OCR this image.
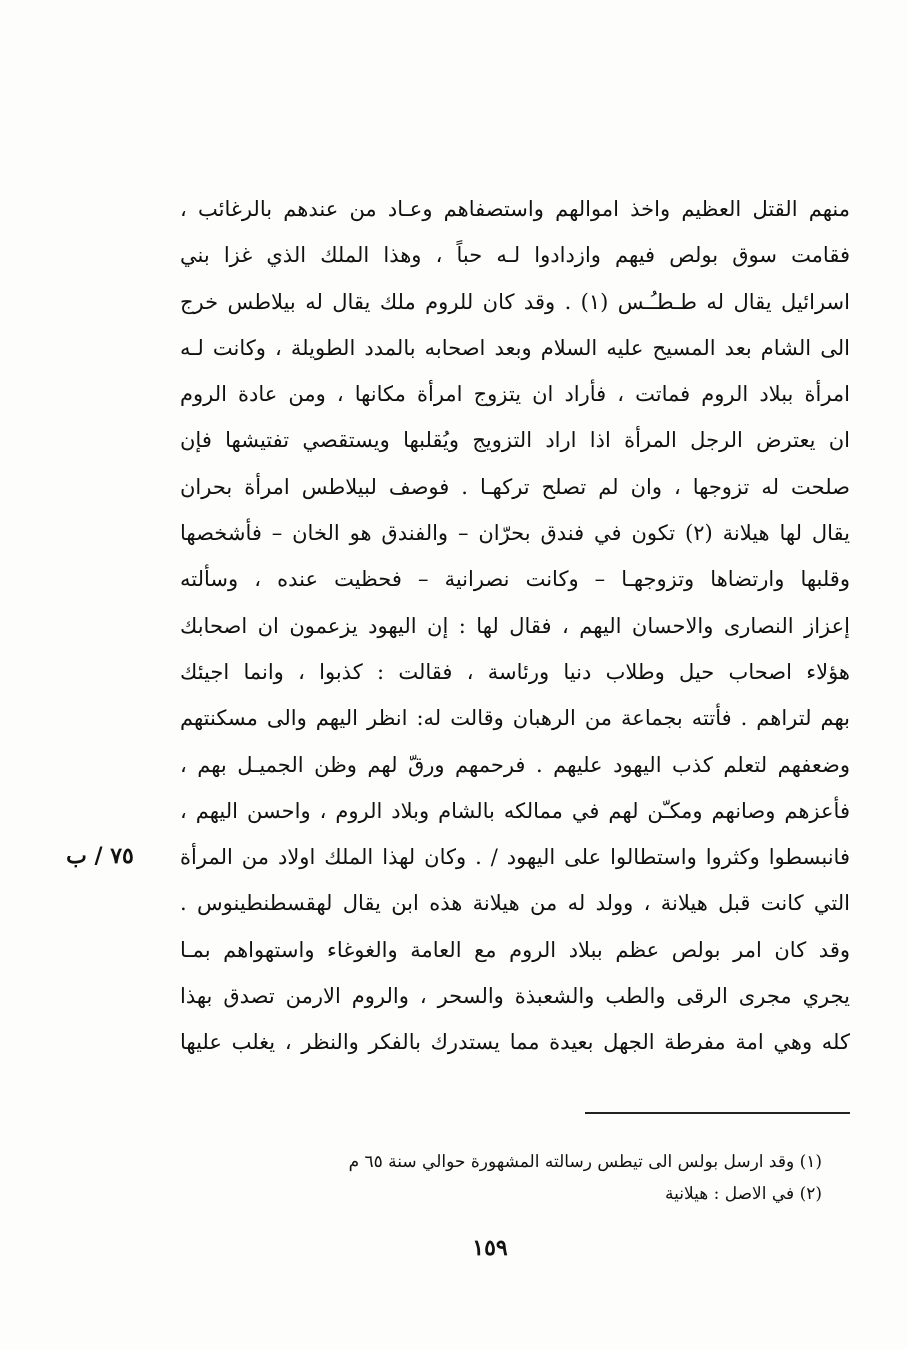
منهم القتل العظيم واخذ اموالهم واستصفاهم وعـاد من عندهم بالرغائب ،
فقامت سوق بولص فيهم وازدادوا لـه حباً ، وهذا الملك الذي غزا بني
اسرائيل يقال له طـطـُـس (١) . وقد كان للروم ملك يقال له بيلاطس خرج
الى الشام بعد المسيح عليه السلام وبعد اصحابه بالمدد الطويلة ، وكانت لـه
امرأة ببلاد الروم فماتت ، فأراد ان يتزوج امرأة مكانها ، ومن عادة الروم
ان يعترض الرجل المرأة اذا اراد التزويج ويُقلبها ويستقصي تفتيشها فإن
صلحت له تزوجها ، وان لم تصلح تركهـا . فوصف لبيلاطس امرأة بحران
يقال لها هيلانة (٢) تكون في فندق بحرّان – والفندق هو الخان – فأشخصها
وقلبها وارتضاها وتزوجهـا – وكانت نصرانية – فحظيت عنده ، وسألته
إعزاز النصارى والاحسان اليهم ، فقال لها : إن اليهود يزعمون ان اصحابك
هؤلاء اصحاب حيل وطلاب دنيا ورئاسة ، فقالت : كذبوا ، وانما اجيئك
بهم لتراهم . فأتته بجماعة من الرهبان وقالت له: انظر اليهم والى مسكنتهم
وضعفهم لتعلم كذب اليهود عليهم . فرحمهم ورقّ لهم وظن الجميـل بهم ،
فأعزهم وصانهم ومكـّن لهم في ممالكه بالشام وبلاد الروم ، واحسن اليهم ،
فانبسطوا وكثروا واستطالوا على اليهود / . وكان لهذا الملك اولاد من المرأة
التي كانت قبل هيلانة ، وولد له من هيلانة هذه ابن يقال لهقسطنطينوس .
وقد كان امر بولص عظم ببلاد الروم مع العامة والغوغاء واستهواهم بمـا
يجري مجرى الرقى والطب والشعبذة والسحر ، والروم الارمن تصدق بهذا
كله وهي امة مفرطة الجهل بعيدة مما يستدرك بالفكر والنظر ، يغلب عليها
٧٥ / ب
(١) وقد ارسل بولس الى تيطس رسالته المشهورة حوالي سنة ٦٥ م
(٢) في الاصل : هيلانية
١٥٩
